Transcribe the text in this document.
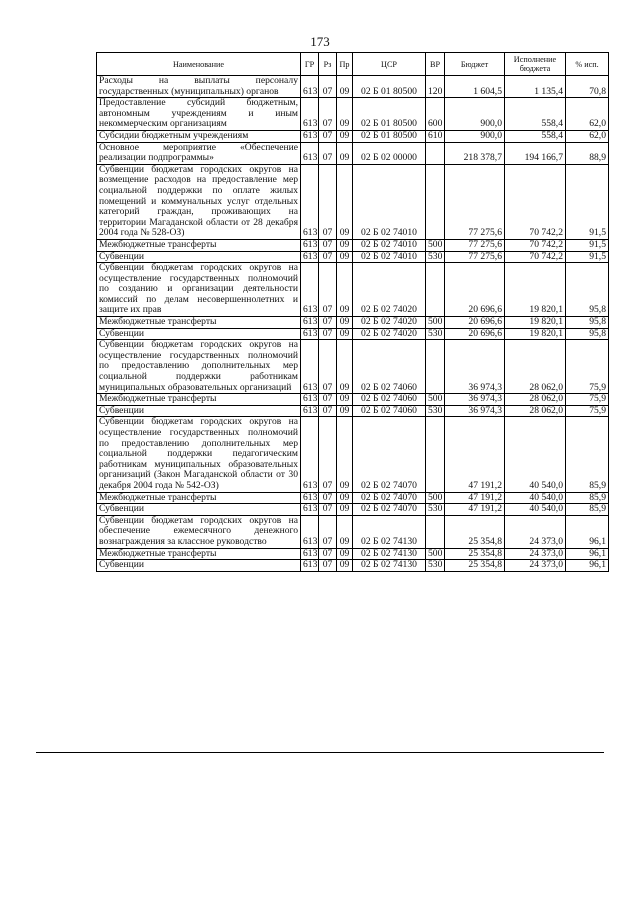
173
Наименование	ГР	Рз	Пр	ЦСР	ВР	Бюджет	Исполнение бюджета	% исп.
Расходы на выплаты персоналу государственных (муниципальных) органов	613	07	09	02 Б 01 80500	120	1 604,5	1 135,4	70,8
Предоставление субсидий бюджетным, автономным учреждениям и иным некоммерческим организациям	613	07	09	02 Б 01 80500	600	900,0	558,4	62,0
Субсидии бюджетным учреждениям	613	07	09	02 Б 01 80500	610	900,0	558,4	62,0
Основное мероприятие «Обеспечение реализации подпрограммы»	613	07	09	02 Б 02 00000		218 378,7	194 166,7	88,9
Субвенции бюджетам городских округов на возмещение расходов на предоставление мер социальной поддержки по оплате жилых помещений и коммунальных услуг отдельных категорий граждан, проживающих на территории Магаданской области от 28 декабря 2004 года № 528-ОЗ)	613	07	09	02 Б 02 74010		77 275,6	70 742,2	91,5
Межбюджетные трансферты	613	07	09	02 Б 02 74010	500	77 275,6	70 742,2	91,5
Субвенции	613	07	09	02 Б 02 74010	530	77 275,6	70 742,2	91,5
Субвенции бюджетам городских округов на осуществление государственных полномочий по созданию и организации деятельности комиссий по делам несовершеннолетних и защите их прав	613	07	09	02 Б 02 74020		20 696,6	19 820,1	95,8
Межбюджетные трансферты	613	07	09	02 Б 02 74020	500	20 696,6	19 820,1	95,8
Субвенции	613	07	09	02 Б 02 74020	530	20 696,6	19 820,1	95,8
Субвенции бюджетам городских округов на осуществление государственных полномочий по предоставлению дополнительных мер социальной поддержки работникам муниципальных образовательных организаций	613	07	09	02 Б 02 74060		36 974,3	28 062,0	75,9
Межбюджетные трансферты	613	07	09	02 Б 02 74060	500	36 974,3	28 062,0	75,9
Субвенции	613	07	09	02 Б 02 74060	530	36 974,3	28 062,0	75,9
Субвенции бюджетам городских округов на осуществление государственных полномочий по предоставлению дополнительных мер социальной поддержки педагогическим работникам муниципальных образовательных организаций (Закон Магаданской области от 30 декабря 2004 года № 542-ОЗ)	613	07	09	02 Б 02 74070		47 191,2	40 540,0	85,9
Межбюджетные трансферты	613	07	09	02 Б 02 74070	500	47 191,2	40 540,0	85,9
Субвенции	613	07	09	02 Б 02 74070	530	47 191,2	40 540,0	85,9
Субвенции бюджетам городских округов на обеспечение ежемесячного денежного вознаграждения за классное руководство	613	07	09	02 Б 02 74130		25 354,8	24 373,0	96,1
Межбюджетные трансферты	613	07	09	02 Б 02 74130	500	25 354,8	24 373,0	96,1
Субвенции	613	07	09	02 Б 02 74130	530	25 354,8	24 373,0	96,1
